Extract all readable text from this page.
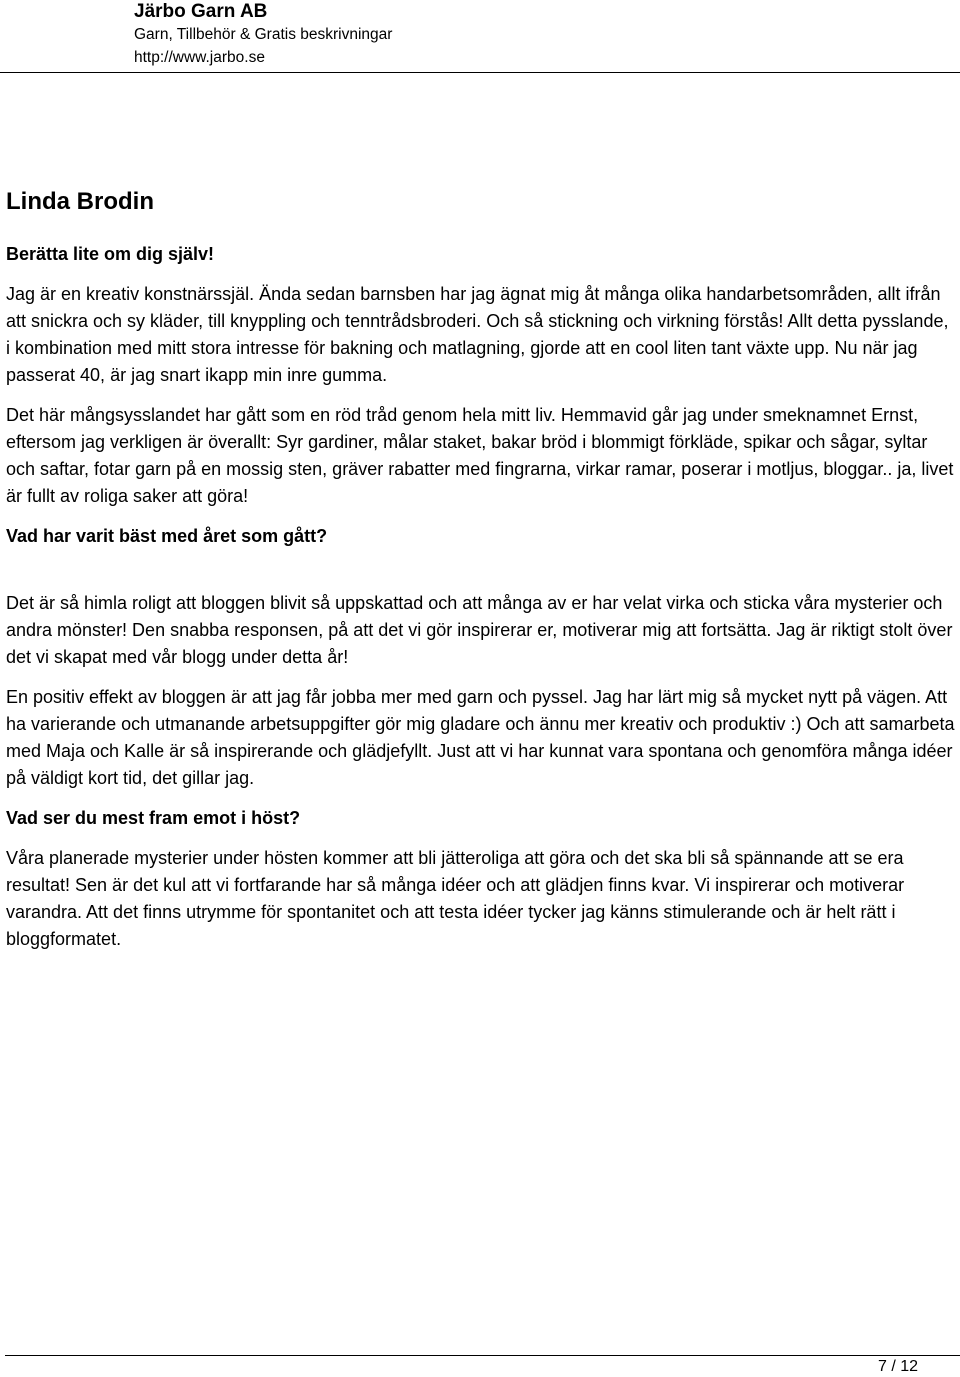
Järbo Garn AB
Garn, Tillbehör & Gratis beskrivningar
http://www.jarbo.se
Linda Brodin
Berätta lite om dig själv!

Jag är en kreativ konstnärssjäl. Ända sedan barnsben har jag ägnat mig åt många olika handarbetsområden, allt ifrån att snickra och sy kläder, till knyppling och tenntrådsbroderi. Och så stickning och virkning förstås! Allt detta pysslande, i kombination med mitt stora intresse för bakning och matlagning, gjorde att en cool liten tant växte upp. Nu när jag passerat 40, är jag snart ikapp min inre gumma.

Det här mångsysslandet har gått som en röd tråd genom hela mitt liv. Hemmavid går jag under smeknamnet Ernst, eftersom jag verkligen är överallt: Syr gardiner, målar staket, bakar bröd i blommigt förkläde, spikar och sågar, syltar och saftar, fotar garn på en mossig sten, gräver rabatter med fingrarna, virkar ramar, poserar i motljus, bloggar.. ja, livet är fullt av roliga saker att göra!

Vad har varit bäst med året som gått?

Det är så himla roligt att bloggen blivit så uppskattad och att många av er har velat virka och sticka våra mysterier och andra mönster! Den snabba responsen, på att det vi gör inspirerar er, motiverar mig att fortsätta. Jag är riktigt stolt över det vi skapat med vår blogg under detta år!

En positiv effekt av bloggen är att jag får jobba mer med garn och pyssel. Jag har lärt mig så mycket nytt på vägen. Att ha varierande och utmanande arbetsuppgifter gör mig gladare och ännu mer kreativ och produktiv :) Och att samarbeta med Maja och Kalle är så inspirerande och glädjefyllt. Just att vi har kunnat vara spontana och genomföra många idéer på väldigt kort tid, det gillar jag.

Vad ser du mest fram emot i höst?

Våra planerade mysterier under hösten kommer att bli jätteroliga att göra och det ska bli så spännande att se era resultat! Sen är det kul att vi fortfarande har så många idéer och att glädjen finns kvar. Vi inspirerar och motiverar varandra. Att det finns utrymme för spontanitet och att testa idéer tycker jag känns stimulerande och är helt rätt i bloggformatet.

7 / 12
